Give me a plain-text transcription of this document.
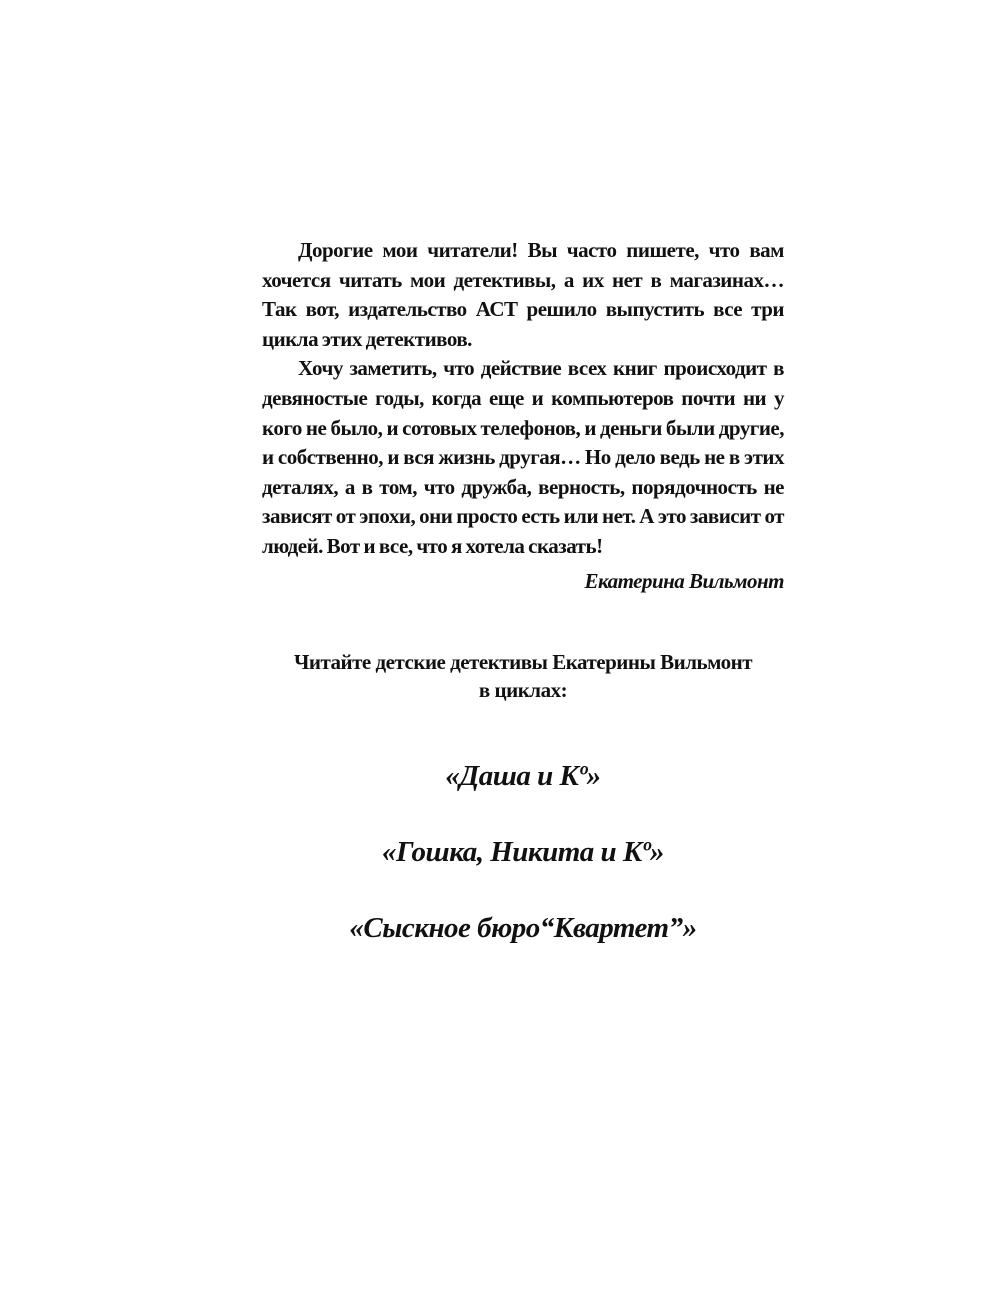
Дорогие мои читатели! Вы часто пишете, что вам хочется читать мои детективы, а их нет в магазинах… Так вот, издательство АСТ решило выпустить все три цикла этих детективов.

Хочу заметить, что действие всех книг происходит в девяностые годы, когда еще и компьютеров почти ни у кого не было, и сотовых телефонов, и деньги были другие, и собственно, и вся жизнь другая… Но дело ведь не в этих деталях, а в том, что дружба, верность, порядочность не зависят от эпохи, они просто есть или нет. А это зависит от людей. Вот и все, что я хотела сказать!

Екатерина Вильмонт

Читайте детские детективы Екатерины Вильмонт
в циклах:
«Даша и Kº»
«Гошка, Никита и Kº»
«Сыскное бюро“Квартет”»
